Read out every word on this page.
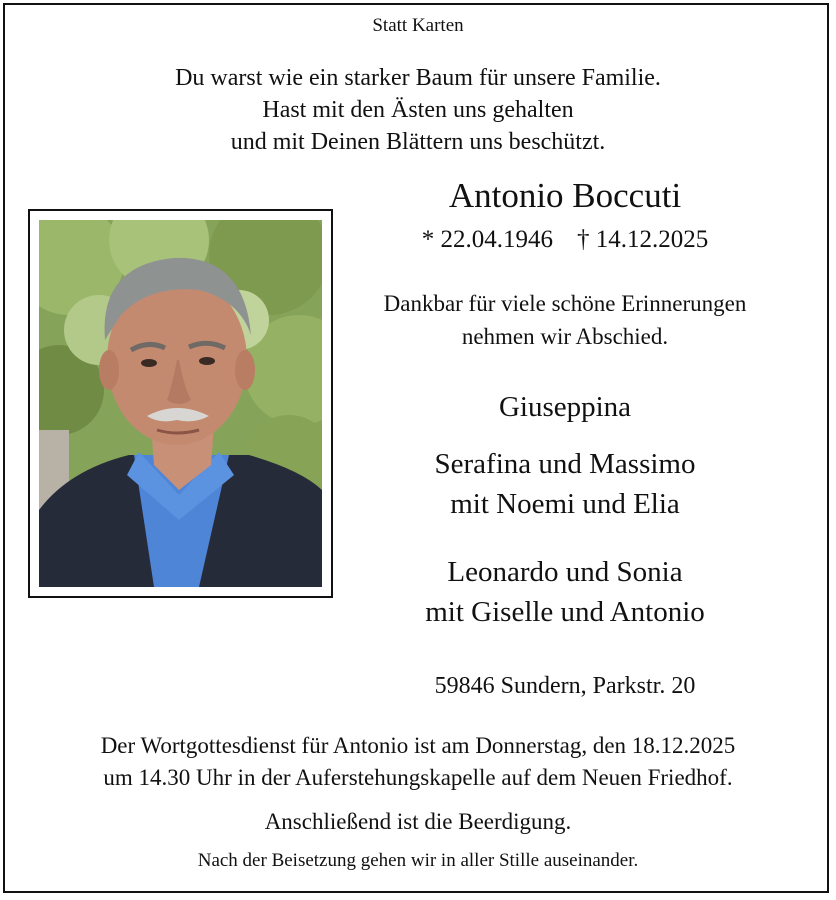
Statt Karten

Du warst wie ein starker Baum für unsere Familie.

Hast mit den Ästen uns gehalten

und mit Deinen Blättern uns beschützt.

Antonio Boccuti

* 22.04.1946 † 14.12.2025

Dankbar für viele schöne Erinnerungen

nehmen wir Abschied.

Giuseppina

Serafina und Massimo

mit Noemi und Elia

Leonardo und Sonia

mit Giselle und Antonio

59846 Sundern, Parkstr. 20

Der Wortgottesdienst für Antonio ist am Donnerstag, den 18.12.2025

um 14.30 Uhr in der Auferstehungskapelle auf dem Neuen Friedhof.

Anschließend ist die Beerdigung.

Nach der Beisetzung gehen wir in aller Stille auseinander.
